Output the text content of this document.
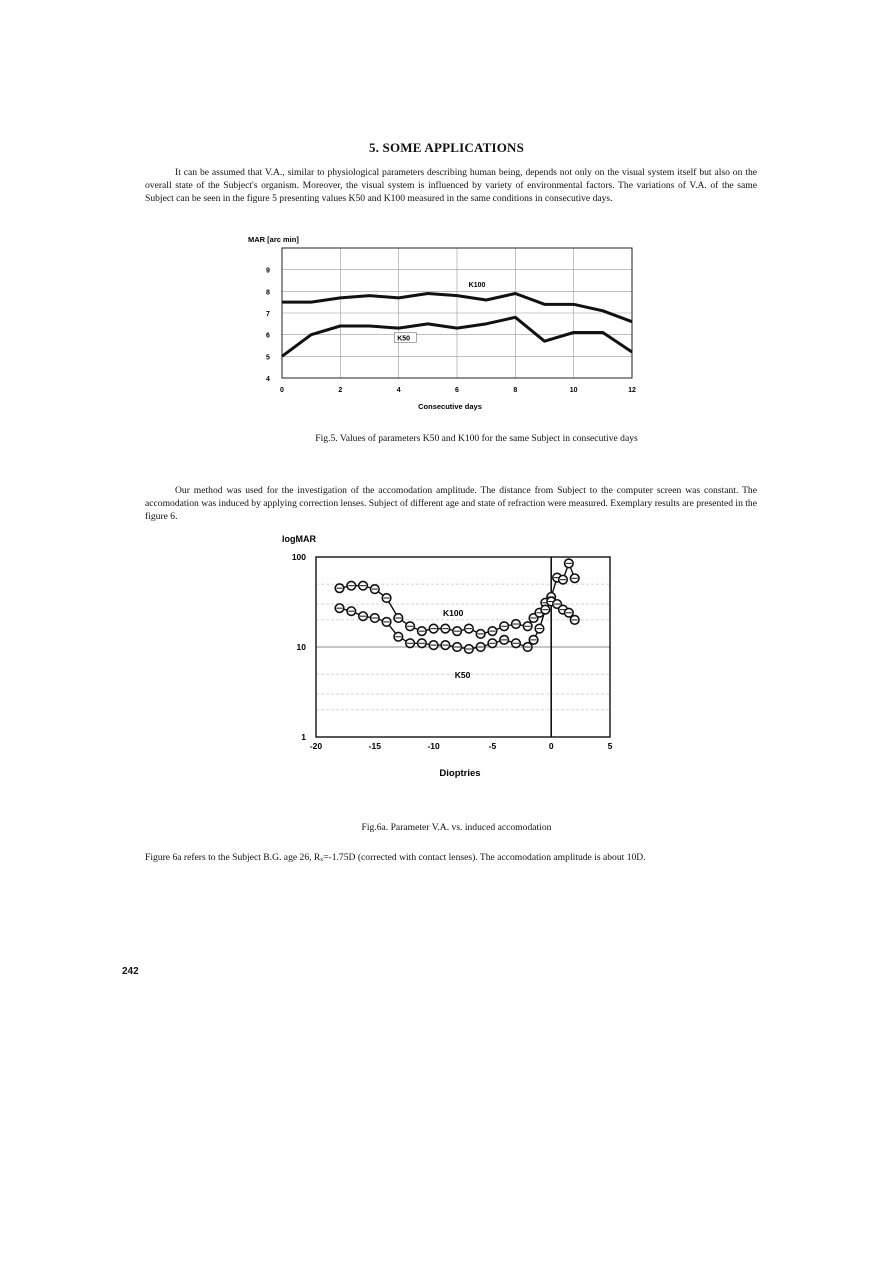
5. SOME APPLICATIONS
It can be assumed that V.A., similar to physiological parameters describing human being, depends not only on the visual system itself but also on the overall state of the Subject's organism. Moreover, the visual system is influenced by variety of environmental factors. The variations of V.A. of the same Subject can be seen in the figure 5 presenting values K50 and K100 measured in the same conditions in consecutive days.
MAR [arc min]
K100
K50
4
5
6
7
8
9
0	2	4	6	8	10	12
Consecutive days
Fig.5. Values of parameters K50 and K100 for the same Subject in consecutive days
Our method was used for the investigation of the accomodation amplitude. The distance from Subject to the computer screen was constant. The accomodation was induced by applying correction lenses. Subject of different age and state of refraction were measured. Exemplary results are presented in the figure 6.
logMAR
K100
K50
1
10
100
-20	-15	-10	-5	0	5
Dioptries
Fig.6a. Parameter V.A. vs. induced accomodation
Figure 6a refers to the Subject B.G. age 26, Rₓ=-1.75D (corrected with contact lenses). The accomodation amplitude is about 10D.
242
